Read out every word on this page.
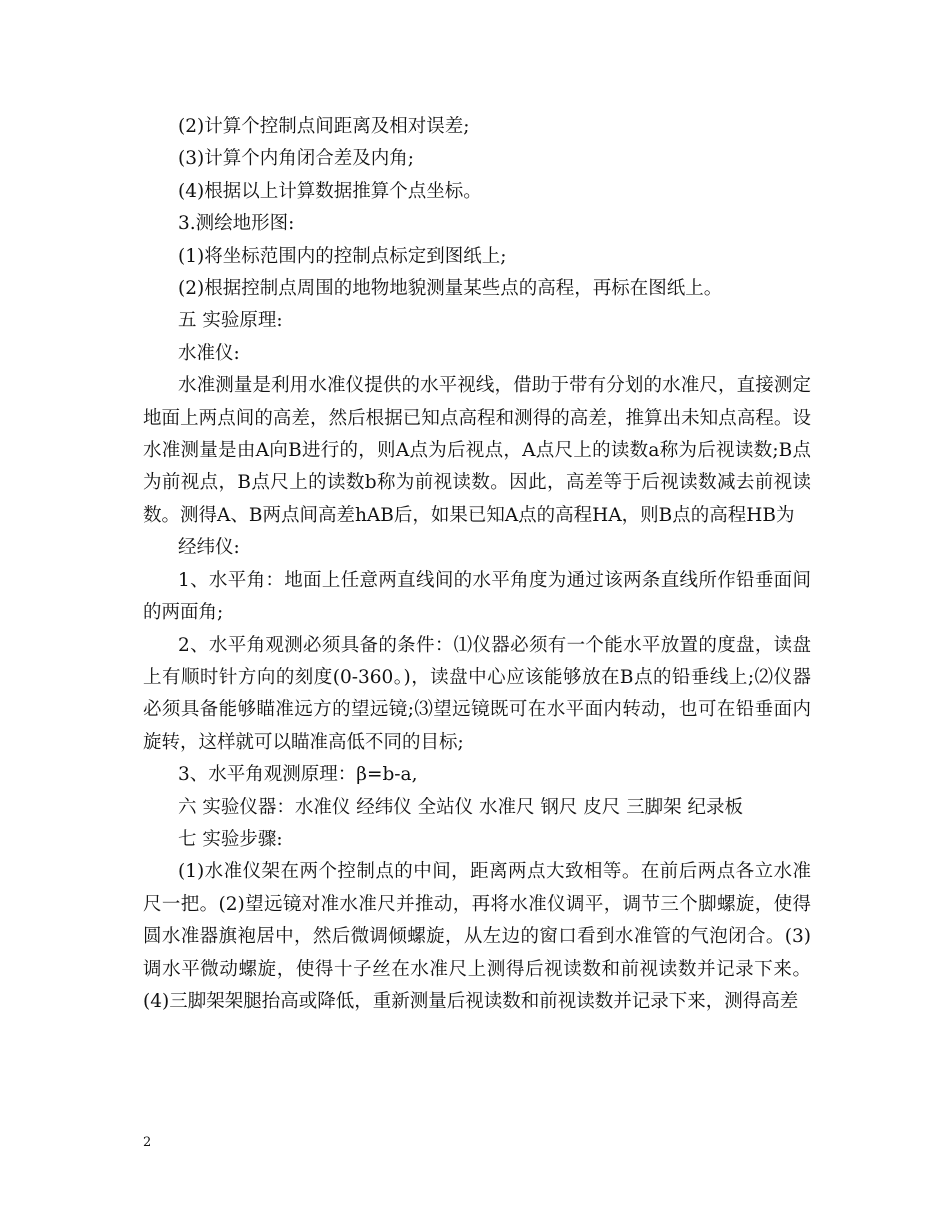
(2)计算个控制点间距离及相对误差;

(3)计算个内角闭合差及内角;

(4)根据以上计算数据推算个点坐标。

3.测绘地形图:

(1)将坐标范围内的控制点标定到图纸上;

(2)根据控制点周围的地物地貌测量某些点的高程，再标在图纸上。

五 实验原理:

水准仪:

水准测量是利用水准仪提供的水平视线，借助于带有分划的水准尺，直接测定地面上两点间的高差，然后根据已知点高程和测得的高差，推算出未知点高程。设水准测量是由A向B进行的，则A点为后视点，A点尺上的读数a称为后视读数;B点为前视点，B点尺上的读数b称为前视读数。因此，高差等于后视读数减去前视读数。测得A、B两点间高差hAB后，如果已知A点的高程HA，则B点的高程HB为

经纬仪:

1、水平角：地面上任意两直线间的水平角度为通过该两条直线所作铅垂面间的两面角;

2、水平角观测必须具备的条件：⑴仪器必须有一个能水平放置的度盘，读盘上有顺时针方向的刻度(0-360。)，读盘中心应该能够放在B点的铅垂线上;⑵仪器必须具备能够瞄准远方的望远镜;⑶望远镜既可在水平面内转动，也可在铅垂面内旋转，这样就可以瞄准高低不同的目标;

3、水平角观测原理：β=b-a,

六 实验仪器：水准仪 经纬仪 全站仪 水准尺 钢尺 皮尺 三脚架 纪录板

七 实验步骤:

(1)水准仪架在两个控制点的中间，距离两点大致相等。在前后两点各立水准尺一把。(2)望远镜对准水准尺并推动，再将水准仪调平，调节三个脚螺旋，使得圆水准器旗袍居中，然后微调倾螺旋，从左边的窗口看到水准管的气泡闭合。(3)调水平微动螺旋，使得十子丝在水准尺上测得后视读数和前视读数并记录下来。(4)三脚架架腿抬高或降低，重新测量后视读数和前视读数并记录下来，测得高差

2
